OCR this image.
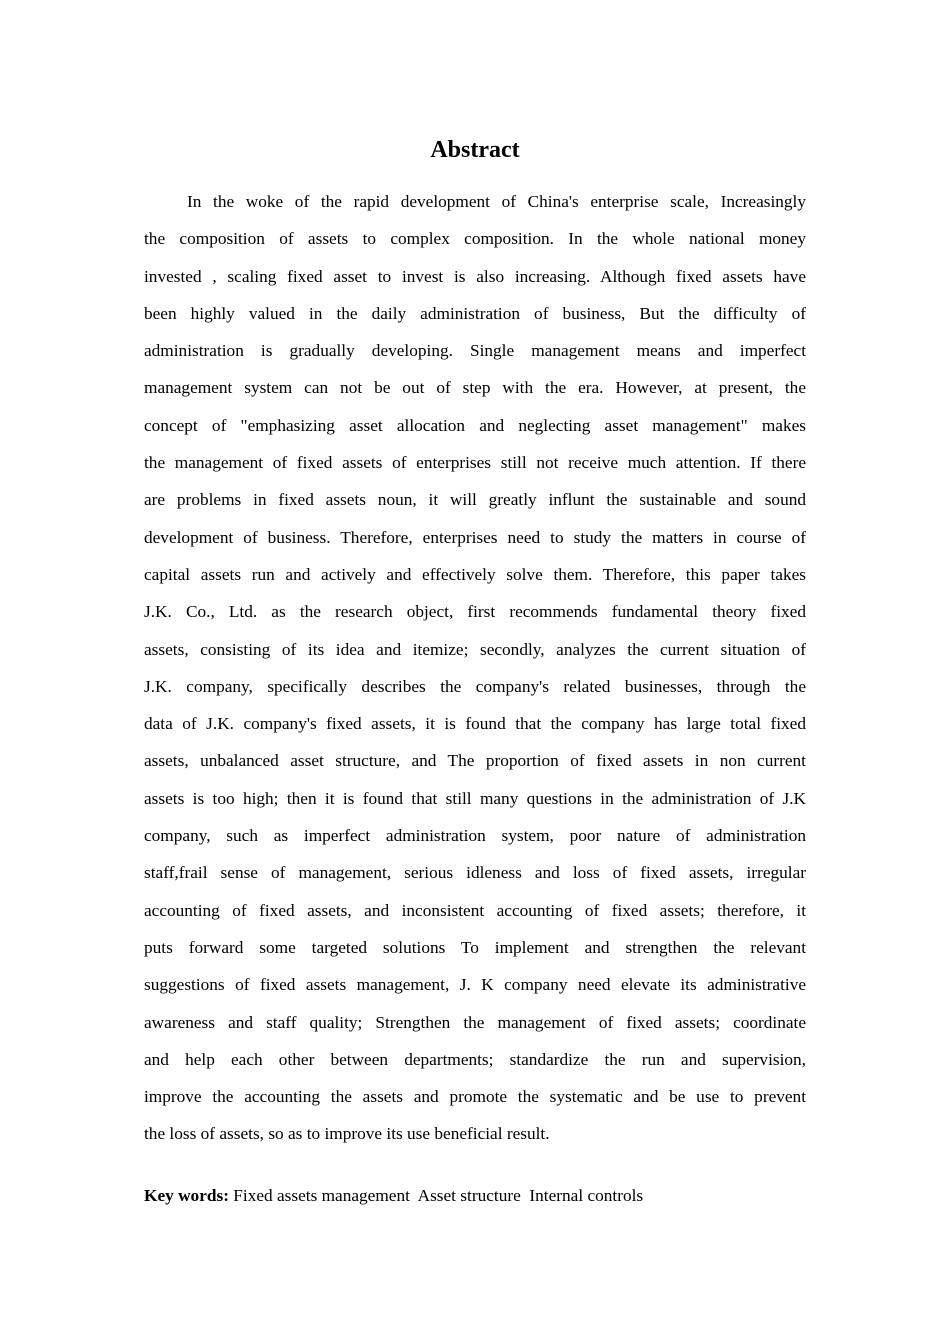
Abstract
In the woke of the rapid development of China's enterprise scale, Increasingly
the composition of assets to complex composition. In the whole national money
invested , scaling fixed asset to invest is also increasing. Although fixed assets have
been highly valued in the daily administration of business, But the difficulty of
administration is gradually developing. Single management means and imperfect
management system can not be out of step with the era. However, at present, the
concept of "emphasizing asset allocation and neglecting asset management" makes
the management of fixed assets of enterprises still not receive much attention. If there
are problems in fixed assets noun, it will greatly influnt the sustainable and sound
development of business. Therefore, enterprises need to study the matters in course of
capital assets run and actively and effectively solve them. Therefore, this paper takes
J.K. Co., Ltd. as the research object, first recommends fundamental theory fixed
assets, consisting of its idea and itemize; secondly, analyzes the current situation of
J.K. company, specifically describes the company's related businesses, through the
data of J.K. company's fixed assets, it is found that the company has large total fixed
assets, unbalanced asset structure, and The proportion of fixed assets in non current
assets is too high; then it is found that still many questions in the administration of J.K
company, such as imperfect administration system, poor nature of administration
staff,frail sense of management, serious idleness and loss of fixed assets, irregular
accounting of fixed assets, and inconsistent accounting of fixed assets; therefore, it
puts forward some targeted solutions To implement and strengthen the relevant
suggestions of fixed assets management, J. K company need elevate its administrative
awareness and staff quality; Strengthen the management of fixed assets; coordinate
and help each other between departments; standardize the run and supervision,
improve the accounting the assets and promote the systematic and be use to prevent
the loss of assets, so as to improve its use beneficial result.
Key words: Fixed assets management  Asset structure  Internal controls
